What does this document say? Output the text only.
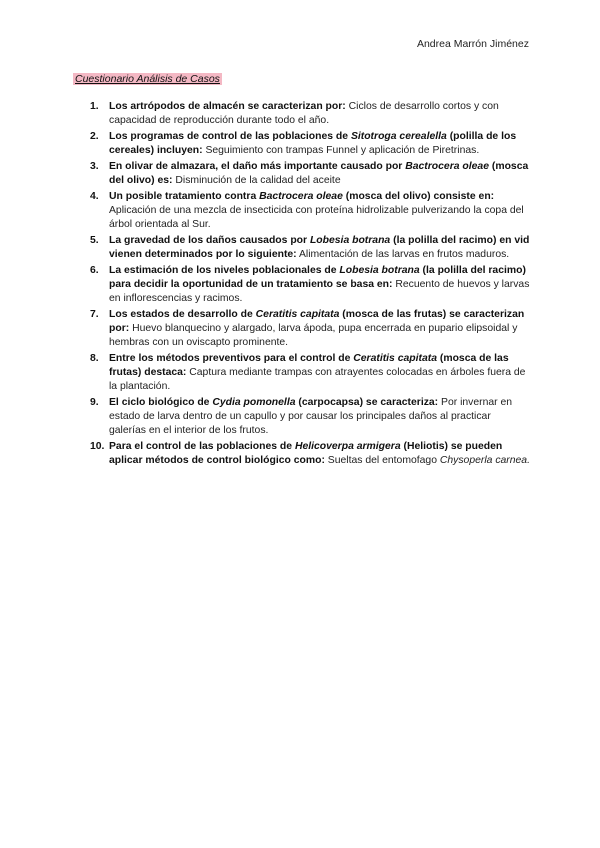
Andrea Marrón Jiménez
Cuestionario Análisis de Casos
1. Los artrópodos de almacén se caracterizan por: Ciclos de desarrollo cortos y con capacidad de reproducción durante todo el año.
2. Los programas de control de las poblaciones de Sitotroga cerealella (polilla de los cereales) incluyen: Seguimiento con trampas Funnel y aplicación de Piretrinas.
3. En olivar de almazara, el daño más importante causado por Bactrocera oleae (mosca del olivo) es: Disminución de la calidad del aceite
4. Un posible tratamiento contra Bactrocera oleae (mosca del olivo) consiste en: Aplicación de una mezcla de insecticida con proteína hidrolizable pulverizando la copa del árbol orientada al Sur.
5. La gravedad de los daños causados por Lobesia botrana (la polilla del racimo) en vid vienen determinados por lo siguiente: Alimentación de las larvas en frutos maduros.
6. La estimación de los niveles poblacionales de Lobesia botrana (la polilla del racimo) para decidir la oportunidad de un tratamiento se basa en: Recuento de huevos y larvas en inflorescencias y racimos.
7. Los estados de desarrollo de Ceratitis capitata (mosca de las frutas) se caracterizan por: Huevo blanquecino y alargado, larva ápoda, pupa encerrada en pupario elipsoidal y hembras con un oviscapto prominente.
8. Entre los métodos preventivos para el control de Ceratitis capitata (mosca de las frutas) destaca: Captura mediante trampas con atrayentes colocadas en árboles fuera de la plantación.
9. El ciclo biológico de Cydia pomonella (carpocapsa) se caracteriza: Por invernar en estado de larva dentro de un capullo y por causar los principales daños al practicar galerías en el interior de los frutos.
10. Para el control de las poblaciones de Helicoverpa armigera (Heliotis) se pueden aplicar métodos de control biológico como: Sueltas del entomofago Chysoperla carnea.
